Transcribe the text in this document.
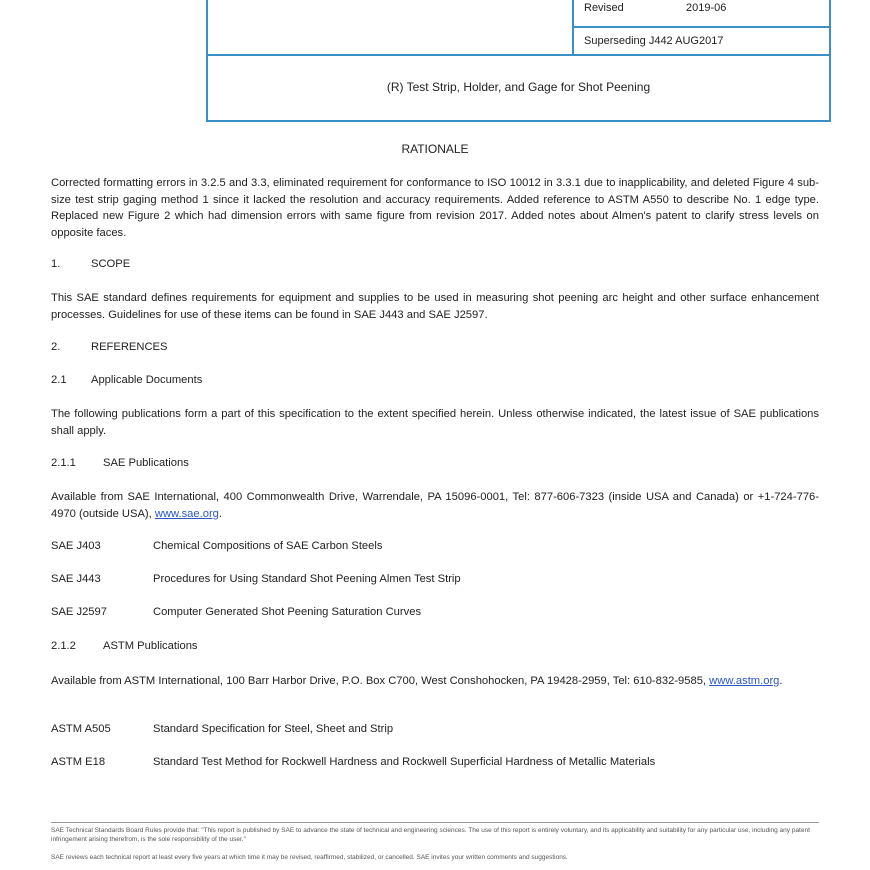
Revised	2019-06
Superseding J442 AUG2017
(R) Test Strip, Holder, and Gage for Shot Peening
RATIONALE
Corrected formatting errors in 3.2.5 and 3.3, eliminated requirement for conformance to ISO 10012 in 3.3.1 due to inapplicability, and deleted Figure 4 sub-size test strip gaging method 1 since it lacked the resolution and accuracy requirements. Added reference to ASTM A550 to describe No. 1 edge type. Replaced new Figure 2 which had dimension errors with same figure from revision 2017. Added notes about Almen's patent to clarify stress levels on opposite faces.
1.	SCOPE
This SAE standard defines requirements for equipment and supplies to be used in measuring shot peening arc height and other surface enhancement processes. Guidelines for use of these items can be found in SAE J443 and SAE J2597.
2.	REFERENCES
2.1 Applicable Documents
The following publications form a part of this specification to the extent specified herein. Unless otherwise indicated, the latest issue of SAE publications shall apply.
2.1.1 SAE Publications
Available from SAE International, 400 Commonwealth Drive, Warrendale, PA 15096-0001, Tel: 877-606-7323 (inside USA and Canada) or +1-724-776-4970 (outside USA), www.sae.org.
SAE J403	Chemical Compositions of SAE Carbon Steels
SAE J443	Procedures for Using Standard Shot Peening Almen Test Strip
SAE J2597	Computer Generated Shot Peening Saturation Curves
2.1.2 ASTM Publications
Available from ASTM International, 100 Barr Harbor Drive, P.O. Box C700, West Conshohocken, PA 19428-2959, Tel: 610-832-9585, www.astm.org.
ASTM A505	Standard Specification for Steel, Sheet and Strip
ASTM E18	Standard Test Method for Rockwell Hardness and Rockwell Superficial Hardness of Metallic Materials
SAE Technical Standards Board Rules provide that: "This report is published by SAE to advance the state of technical and engineering sciences. The use of this report is entirely voluntary, and its applicability and suitability for any particular use, including any patent infringement arising therefrom, is the sole responsibility of the user."
SAE reviews each technical report at least every five years at which time it may be revised, reaffirmed, stabilized, or cancelled. SAE invites your written comments and suggestions.
